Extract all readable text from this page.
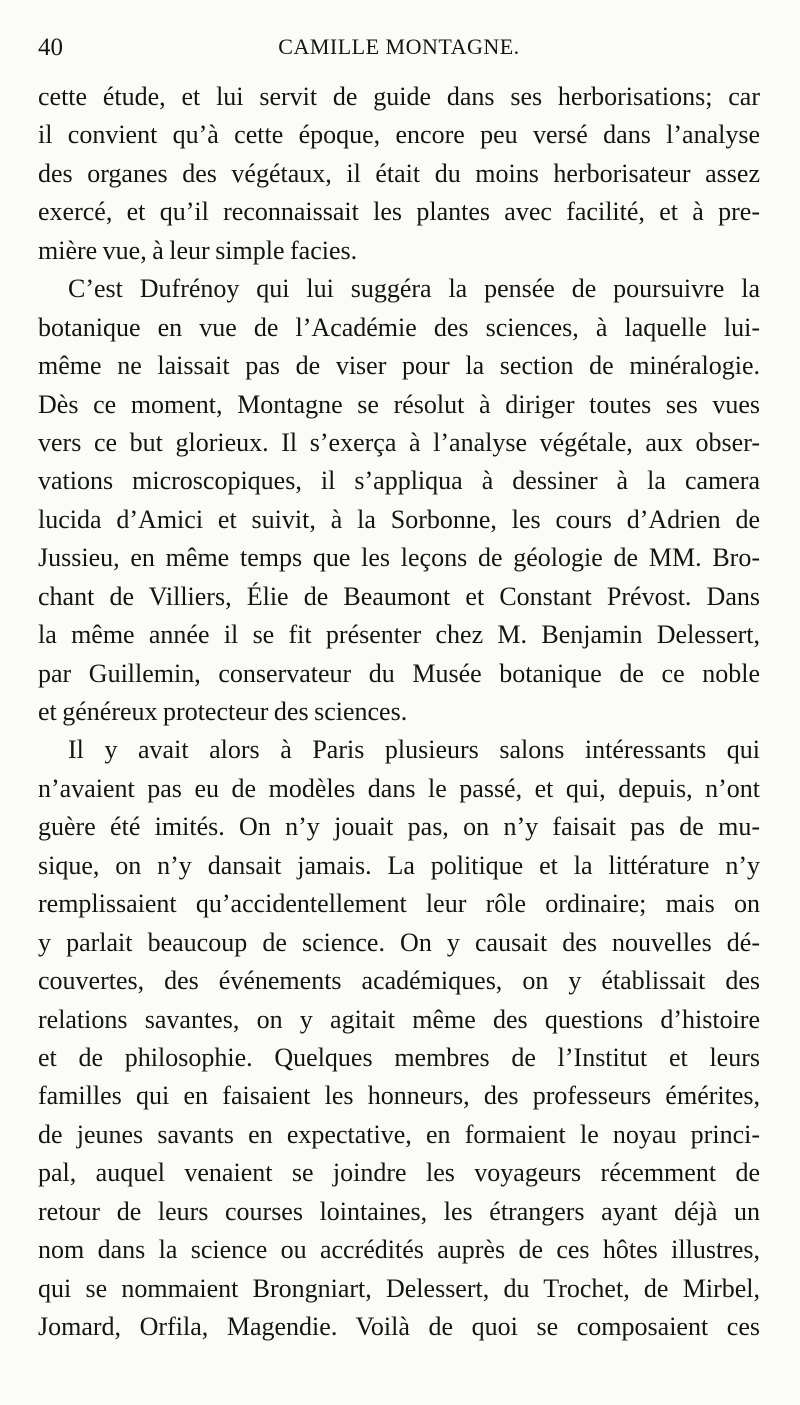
40	CAMILLE MONTAGNE.
cette étude, et lui servit de guide dans ses herborisations; car
il convient qu’à cette époque, encore peu versé dans l’analyse
des organes des végétaux, il était du moins herborisateur assez
exercé, et qu’il reconnaissait les plantes avec facilité, et à pre-
mière vue, à leur simple facies.
C’est Dufrénoy qui lui suggéra la pensée de poursuivre la
botanique en vue de l’Académie des sciences, à laquelle lui-
même ne laissait pas de viser pour la section de minéralogie.
Dès ce moment, Montagne se résolut à diriger toutes ses vues
vers ce but glorieux. Il s’exerça à l’analyse végétale, aux obser-
vations microscopiques, il s’appliqua à dessiner à la camera
lucida d’Amici et suivit, à la Sorbonne, les cours d’Adrien de
Jussieu, en même temps que les leçons de géologie de MM. Bro-
chant de Villiers, Élie de Beaumont et Constant Prévost. Dans
la même année il se fit présenter chez M. Benjamin Delessert,
par Guillemin, conservateur du Musée botanique de ce noble
et généreux protecteur des sciences.
Il y avait alors à Paris plusieurs salons intéressants qui
n’avaient pas eu de modèles dans le passé, et qui, depuis, n’ont
guère été imités. On n’y jouait pas, on n’y faisait pas de mu-
sique, on n’y dansait jamais. La politique et la littérature n’y
remplissaient qu’accidentellement leur rôle ordinaire; mais on
y parlait beaucoup de science. On y causait des nouvelles dé-
couvertes, des événements académiques, on y établissait des
relations savantes, on y agitait même des questions d’histoire
et de philosophie. Quelques membres de l’Institut et leurs
familles qui en faisaient les honneurs, des professeurs émérites,
de jeunes savants en expectative, en formaient le noyau princi-
pal, auquel venaient se joindre les voyageurs récemment de
retour de leurs courses lointaines, les étrangers ayant déjà un
nom dans la science ou accrédités auprès de ces hôtes illustres,
qui se nommaient Brongniart, Delessert, du Trochet, de Mirbel,
Jomard, Orfila, Magendie. Voilà de quoi se composaient ces
